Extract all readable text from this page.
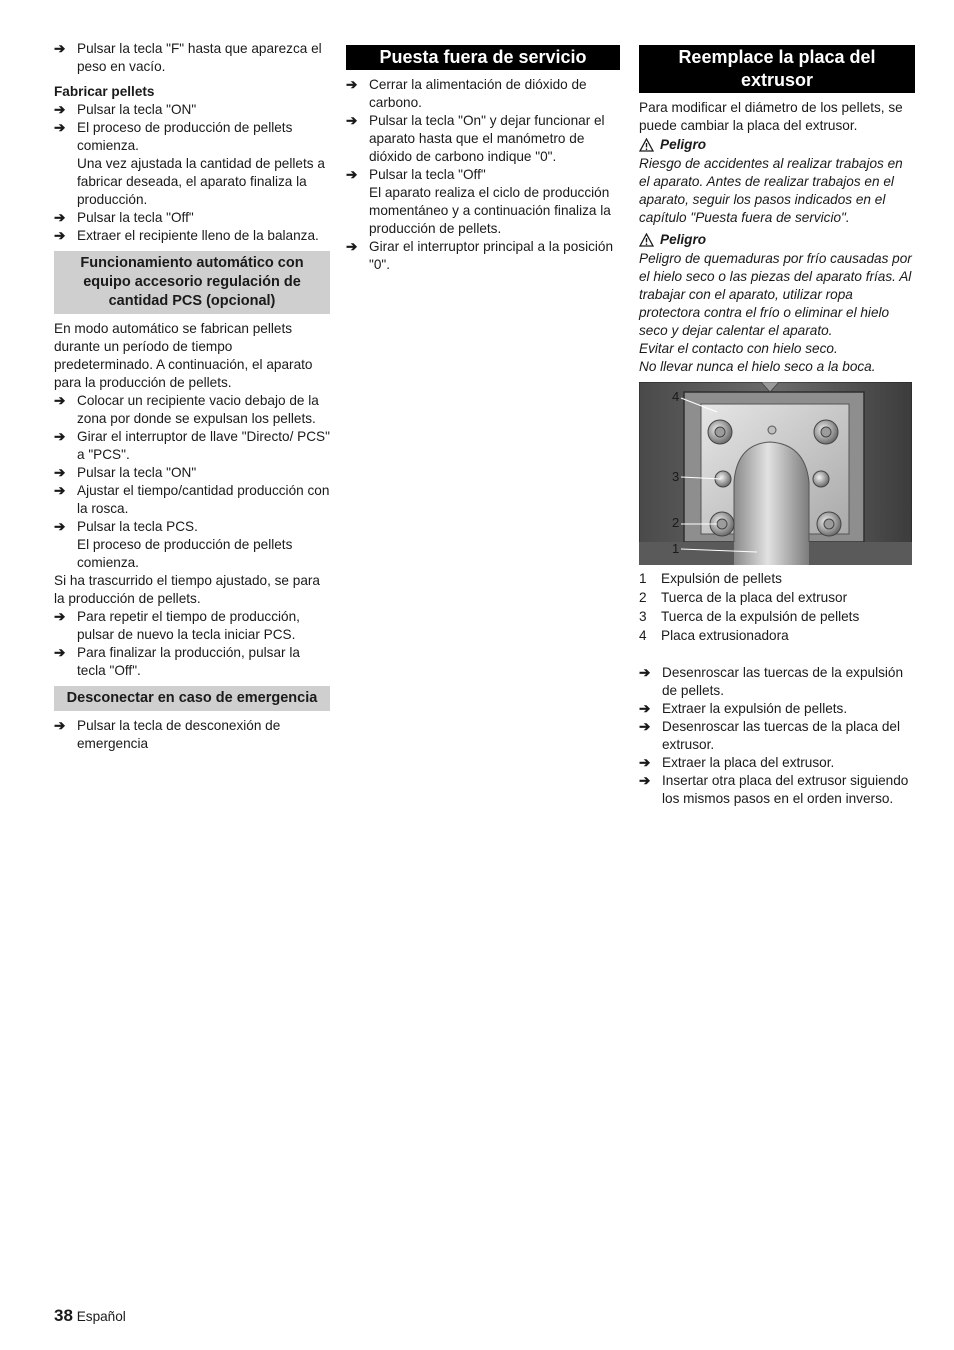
➔ Pulsar la tecla "F" hasta que aparezca el peso en vacío.

Fabricar pellets

➔ Pulsar la tecla "ON"

➔ El proceso de producción de pellets comienza.

Una vez ajustada la cantidad de pellets a fabricar deseada, el aparato finaliza la producción.

➔ Pulsar la tecla "Off"

➔ Extraer el recipiente lleno de la balanza.

Funcionamiento automático con equipo accesorio regulación de cantidad PCS (opcional)

En modo automático se fabrican pellets durante un período de tiempo predeterminado. A continuación, el aparato para la producción de pellets.

➔ Colocar un recipiente vacio debajo de la zona por donde se expulsan los pellets.

➔ Girar el interruptor de llave "Directo/ PCS" a "PCS".

➔ Pulsar la tecla "ON"

➔ Ajustar el tiempo/cantidad producción con la rosca.

➔ Pulsar la tecla PCS.

El proceso de producción de pellets comienza.

Si ha trascurrido el tiempo ajustado, se para la producción de pellets.

➔ Para repetir el tiempo de producción, pulsar de nuevo la tecla iniciar PCS.

➔ Para finalizar la producción, pulsar la tecla "Off".

Desconectar en caso de emergencia

➔ Pulsar la tecla de desconexión de emergencia

Puesta fuera de servicio

➔ Cerrar la alimentación de dióxido de carbono.

➔ Pulsar la tecla "On" y dejar funcionar el aparato hasta que el manómetro de dióxido de carbono indique "0".

➔ Pulsar la tecla "Off"

El aparato realiza el ciclo de producción momentáneo y a continuación finaliza la producción de pellets.

➔ Girar el interruptor principal a la posición "0".

Reemplace la placa del extrusor

Para modificar el diámetro de los pellets, se puede cambiar la placa del extrusor.

Peligro

Riesgo de accidentes al realizar trabajos en el aparato. Antes de realizar trabajos en el aparato, seguir los pasos indicados en el capítulo "Puesta fuera de servicio".

Peligro

Peligro de quemaduras por frío causadas por el hielo seco o las piezas del aparato frías. Al trabajar con el aparato, utilizar ropa protectora contra el frío o eliminar el hielo seco y dejar calentar el aparato.

Evitar el contacto con hielo seco.

No llevar nunca el hielo seco a la boca.

4
3
2
1

1 Expulsión de pellets

2 Tuerca de la placa del extrusor

3 Tuerca de la expulsión de pellets

4 Placa extrusionadora

➔ Desenroscar las tuercas de la expulsión de pellets.

➔ Extraer la expulsión de pellets.

➔ Desenroscar las tuercas de la placa del extrusor.

➔ Extraer la placa del extrusor.

➔ Insertar otra placa del extrusor siguiendo los mismos pasos en el orden inverso.

38 Español
